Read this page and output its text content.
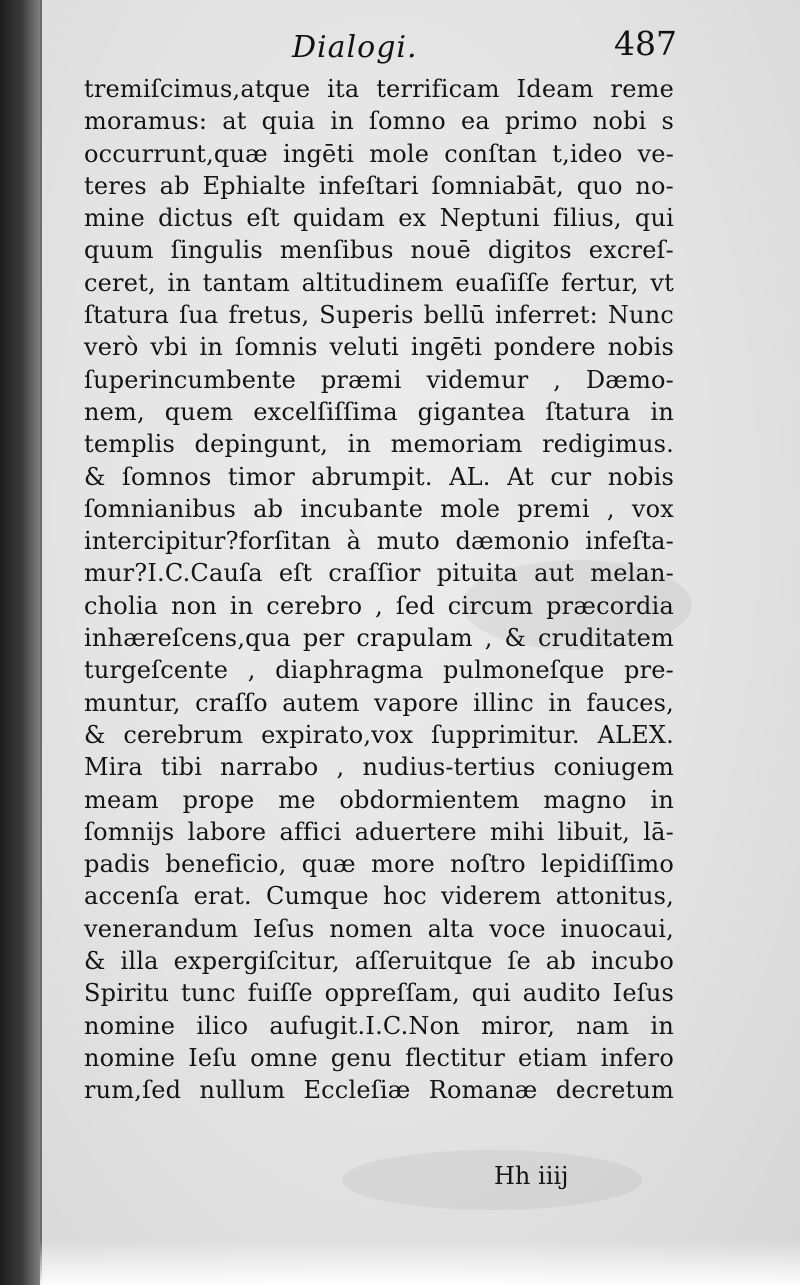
Dialogi.	487
tremiſcimus,atque ita terrificam Ideam reme
moramus: at quia in ſomno ea primo nobi s
occurrunt,quæ ingēti mole conſtan t,ideo ve-
teres ab Ephialte infeſtari ſomniabāt, quo no-
mine dictus eſt quidam ex Neptuni filius, qui
quum ſingulis menſibus nouē digitos excreſ-
ceret, in tantam altitudinem euaſiſſe fertur, vt
ſtatura ſua fretus, Superis bellū inferret: Nunc
verò vbi in ſomnis veluti ingēti pondere nobis
ſuperincumbente præmi videmur , Dæmo-
nem, quem excelſiſſima gigantea ſtatura in
templis depingunt, in memoriam redigimus.
& ſomnos timor abrumpit. AL. At cur nobis
ſomnianibus ab incubante mole premi , vox
intercipitur?forſitan à muto dæmonio infeſta-
mur?I.C.Cauſa eſt craſſior pituita aut melan-
cholia non in cerebro , ſed circum præcordia
inhæreſcens,qua per crapulam , & cruditatem
turgeſcente , diaphragma pulmoneſque pre-
muntur, craſſo autem vapore illinc in fauces,
& cerebrum expirato,vox ſupprimitur. ALEX.
Mira tibi narrabo , nudius-tertius coniugem
meam prope me obdormientem magno in
ſomnijs labore affici aduertere mihi libuit, lā-
padis beneficio, quæ more noſtro lepidiſſimo
accenſa erat. Cumque hoc viderem attonitus,
venerandum Ieſus nomen alta voce inuocaui,
& illa expergiſcitur, aſſeruitque ſe ab incubo
Spiritu tunc fuiſſe oppreſſam, qui audito Ieſus
nomine ilico aufugit.I.C.Non miror, nam in
nomine Ieſu omne genu flectitur etiam infero
rum,ſed nullum Eccleſiæ Romanæ decretum
Hh iiij
